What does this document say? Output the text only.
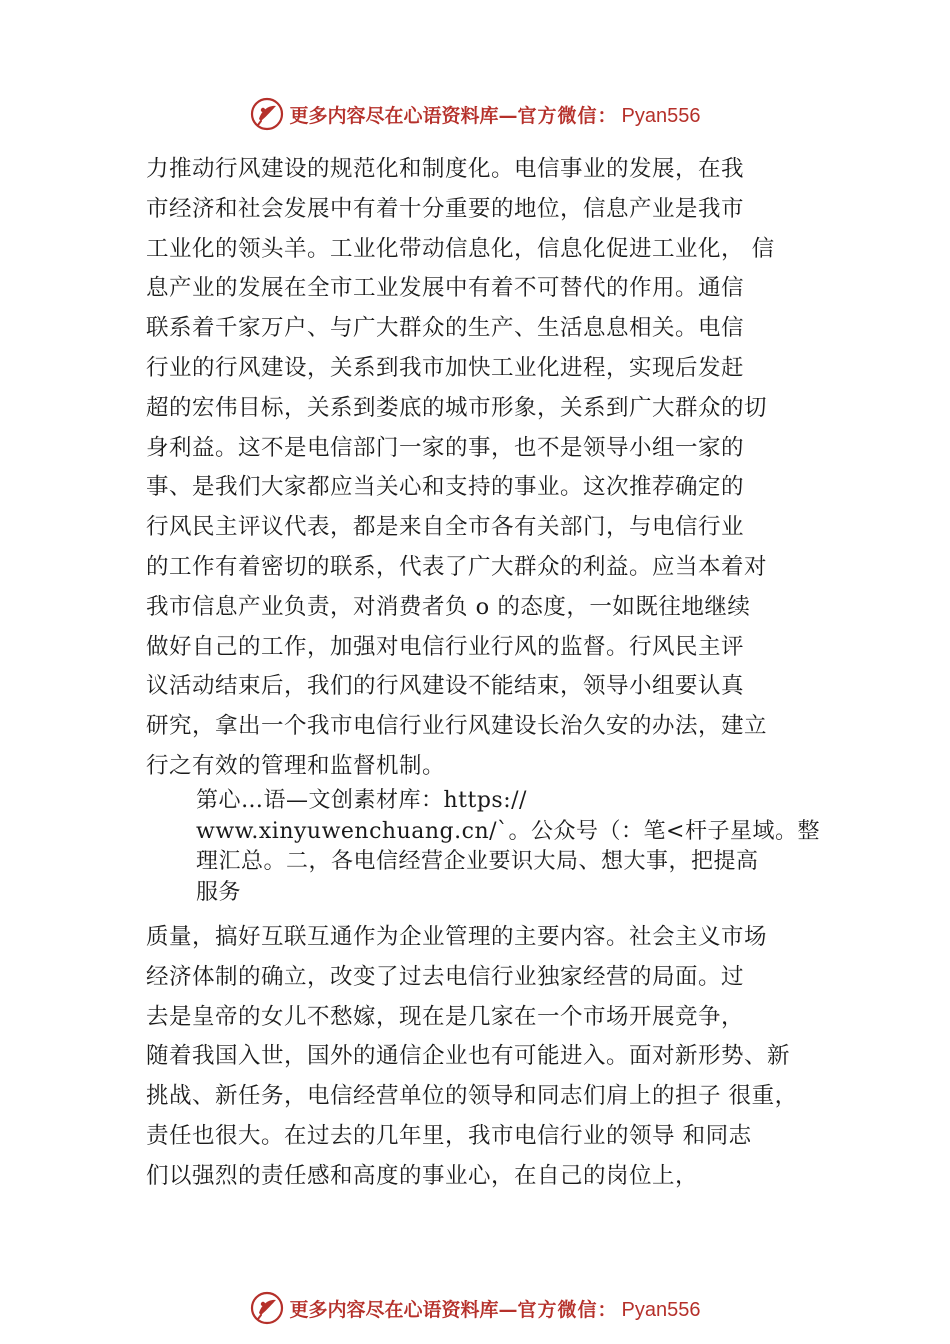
更多内容尽在心语资料库 — 官方微信： Pyan556
力推动行风建设的规范化和制度化。电信事业的发展，在我
市经济和社会发展中有着十分重要的地位，信息产业是我市
工业化的领头羊。工业化带动信息化，信息化促进工业化， 信
息产业的发展在全市工业发展中有着不可替代的作用。通信
联系着千家万户、与广大群众的生产、生活息息相关。电信
行业的行风建设，关系到我市加快工业化进程，实现后发赶
超的宏伟目标，关系到娄底的城市形象，关系到广大群众的切
身利益。这不是电信部门一家的事，也不是领导小组一家的
事、是我们大家都应当关心和支持的事业。这次推荐确定的
行风民主评议代表，都是来自全市各有关部门，与电信行业
的工作有着密切的联系，代表了广大群众的利益。应当本着对
我市信息产业负责，对消费者负 o 的态度，一如既往地继续
做好自己的工作，加强对电信行业行风的监督。行风民主评
议活动结束后，我们的行风建设不能结束，领导小组要认真
研究，拿出一个我市电信行业行风建设长治久安的办法，建立
行之有效的管理和监督机制。
第心…语—文创素材库：https://
www.xinyuwenchuang.cn/`。公众号（：笔<杆子星域。整
理汇总。二，各电信经营企业要识大局、想大事，把提高
服务
质量，搞好互联互通作为企业管理的主要内容。社会主义市场
经济体制的确立，改变了过去电信行业独家经营的局面。过
去是皇帝的女儿不愁嫁，现在是几家在一个市场开展竞争，
随着我国入世，国外的通信企业也有可能进入。面对新形势、新
挑战、新任务，电信经营单位的领导和同志们肩上的担子 很重，
责任也很大。在过去的几年里，我市电信行业的领导 和同志
们以强烈的责任感和高度的事业心，在自己的岗位上，
更多内容尽在心语资料库 — 官方微信： Pyan556
